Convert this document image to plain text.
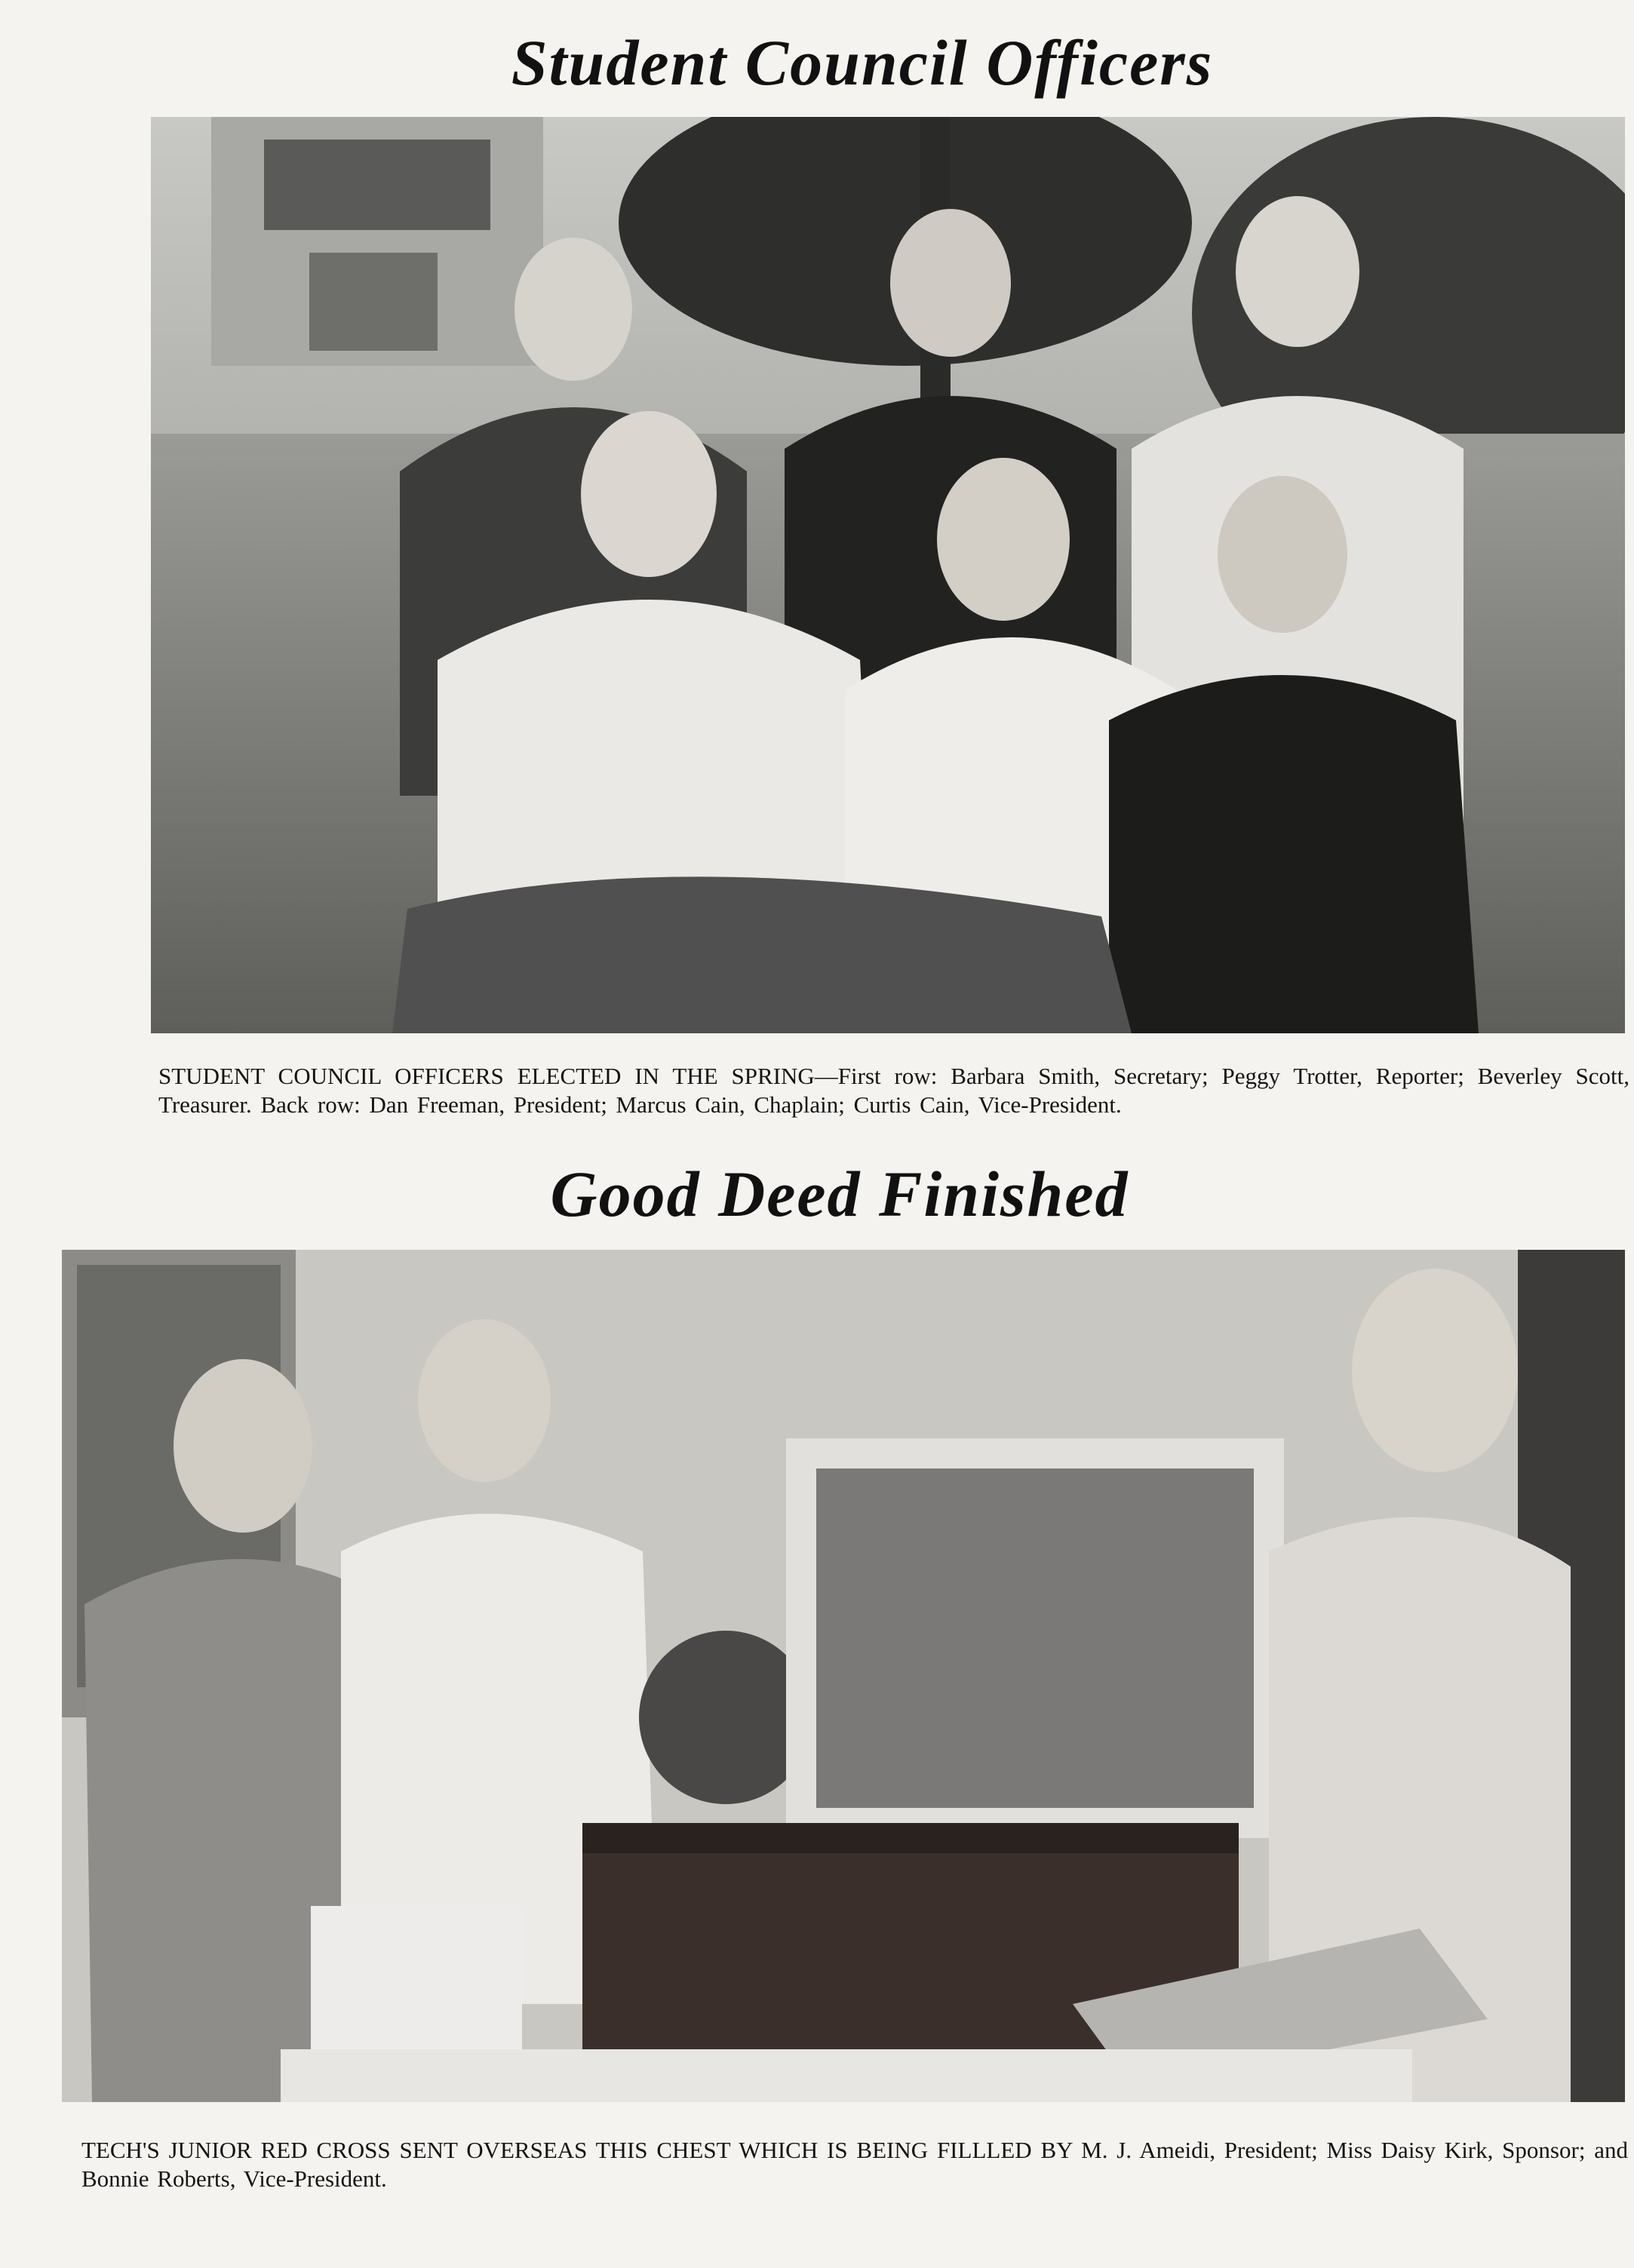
Student Council Officers

STUDENT COUNCIL OFFICERS ELECTED IN THE SPRING—First row: Barbara Smith, Secretary; Peggy Trotter, Reporter; Beverley Scott, Treasurer. Back row: Dan Freeman, President; Marcus Cain, Chaplain; Curtis Cain, Vice-President.

Good Deed Finished

TECH'S JUNIOR RED CROSS SENT OVERSEAS THIS CHEST WHICH IS BEING FILLLED BY M. J. Ameidi, President; Miss Daisy Kirk, Sponsor; and Bonnie Roberts, Vice-President.
